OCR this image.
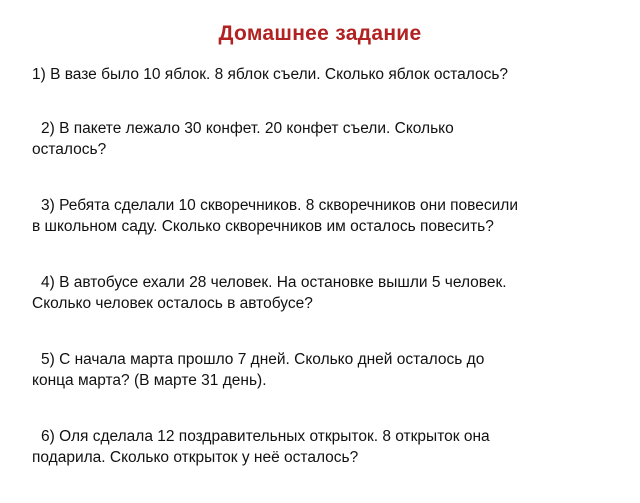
Домашнее задание
1) В вазе было 10 яблок. 8 яблок съели. Сколько яблок осталось?
2) В пакете лежало 30 конфет. 20 конфет съели. Сколько
осталось?
3) Ребята сделали 10 скворечников. 8 скворечников они повесили
в школьном саду. Сколько скворечников им осталось повесить?
4) В автобусе ехали 28 человек. На остановке вышли 5 человек.
Сколько человек осталось в автобусе?
5) С начала марта прошло 7 дней. Сколько дней осталось до
конца марта? (В марте 31 день).
6) Оля сделала 12 поздравительных открыток. 8 открыток она
подарила. Сколько открыток у неё осталось?
